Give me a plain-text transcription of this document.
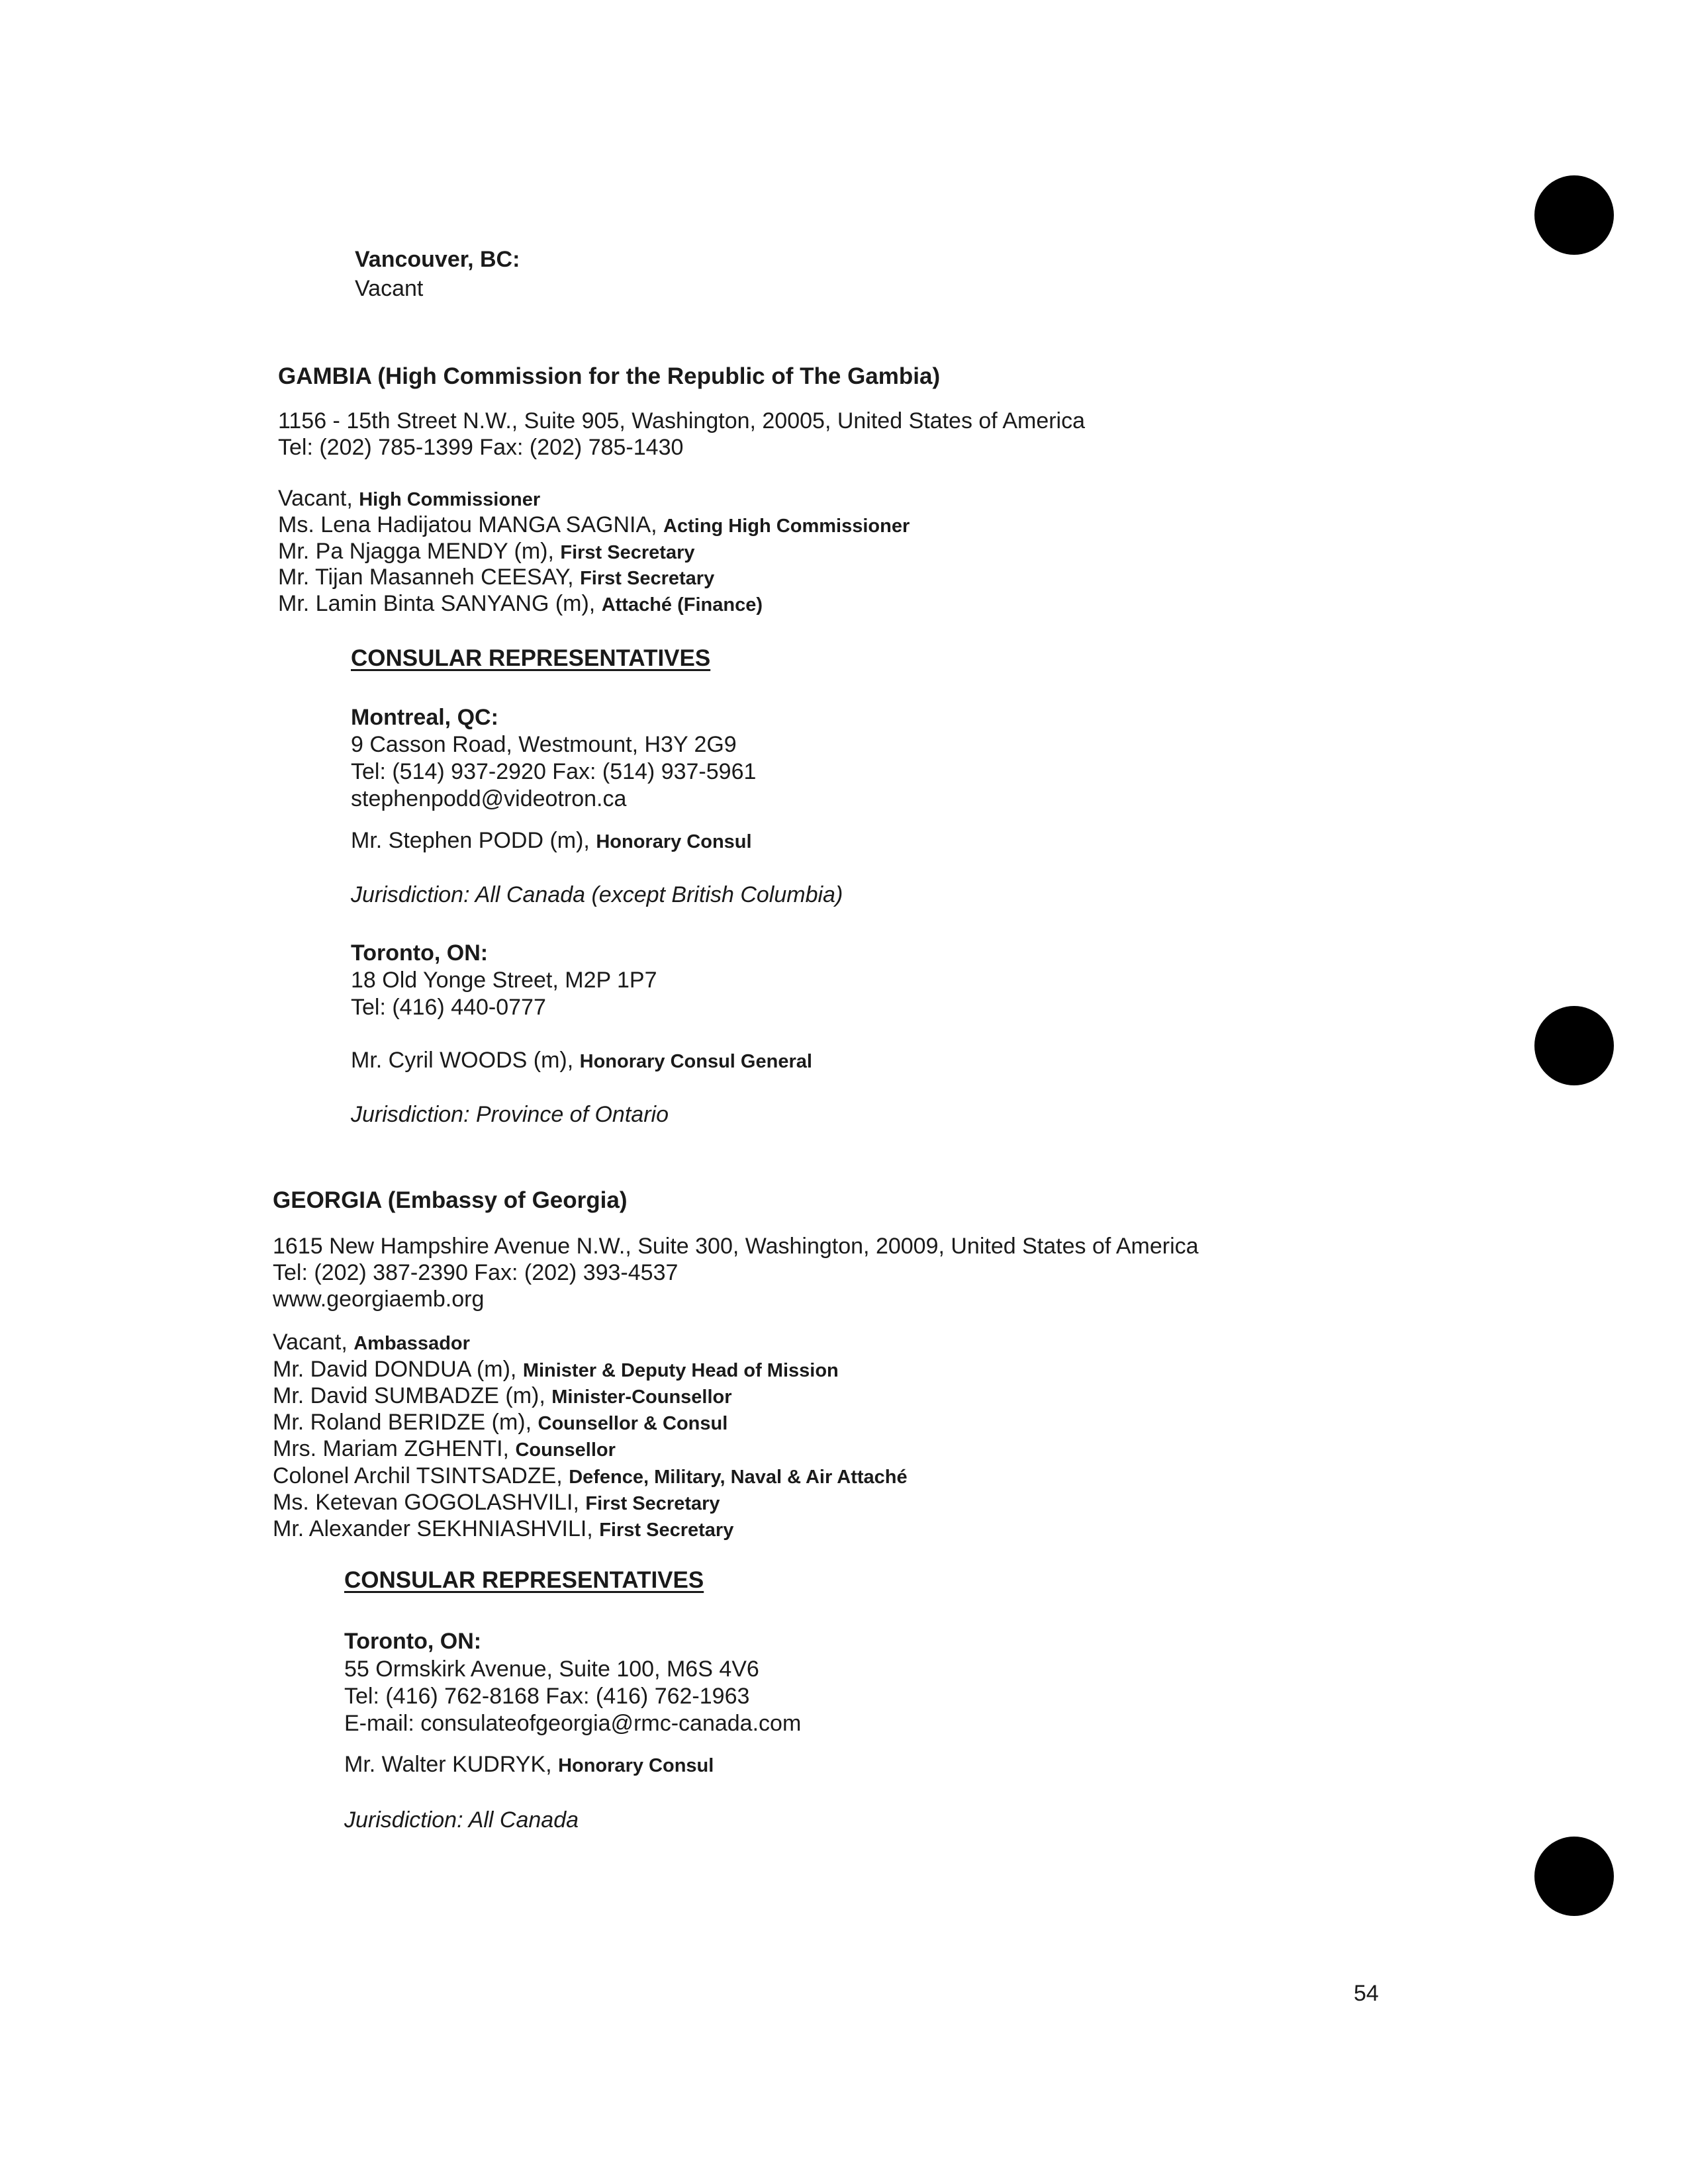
Vancouver, BC:
Vacant
GAMBIA (High Commission for the Republic of The Gambia)
1156 - 15th Street N.W., Suite 905, Washington, 20005, United States of America
Tel: (202) 785-1399 Fax: (202) 785-1430
Vacant, High Commissioner
Ms. Lena Hadijatou MANGA SAGNIA, Acting High Commissioner
Mr. Pa Njagga MENDY (m), First Secretary
Mr. Tijan Masanneh CEESAY, First Secretary
Mr. Lamin Binta SANYANG (m), Attaché (Finance)
CONSULAR REPRESENTATIVES
Montreal, QC:
9 Casson Road, Westmount, H3Y 2G9
Tel: (514) 937-2920 Fax: (514) 937-5961
stephenpodd@videotron.ca
Mr. Stephen PODD (m), Honorary Consul
Jurisdiction: All Canada (except British Columbia)
Toronto, ON:
18 Old Yonge Street, M2P 1P7
Tel: (416) 440-0777
Mr. Cyril WOODS (m), Honorary Consul General
Jurisdiction: Province of Ontario
GEORGIA (Embassy of Georgia)
1615 New Hampshire Avenue N.W., Suite 300, Washington, 20009, United States of America
Tel: (202) 387-2390 Fax: (202) 393-4537
www.georgiaemb.org
Vacant, Ambassador
Mr. David DONDUA (m), Minister & Deputy Head of Mission
Mr. David SUMBADZE (m), Minister-Counsellor
Mr. Roland BERIDZE (m), Counsellor & Consul
Mrs. Mariam ZGHENTI, Counsellor
Colonel Archil TSINTSADZE, Defence, Military, Naval & Air Attaché
Ms. Ketevan GOGOLASHVILI, First Secretary
Mr. Alexander SEKHNIASHVILI, First Secretary
CONSULAR REPRESENTATIVES
Toronto, ON:
55 Ormskirk Avenue, Suite 100, M6S 4V6
Tel: (416) 762-8168 Fax: (416) 762-1963
E-mail: consulateofgeorgia@rmc-canada.com
Mr. Walter KUDRYK, Honorary Consul
Jurisdiction: All Canada
54
